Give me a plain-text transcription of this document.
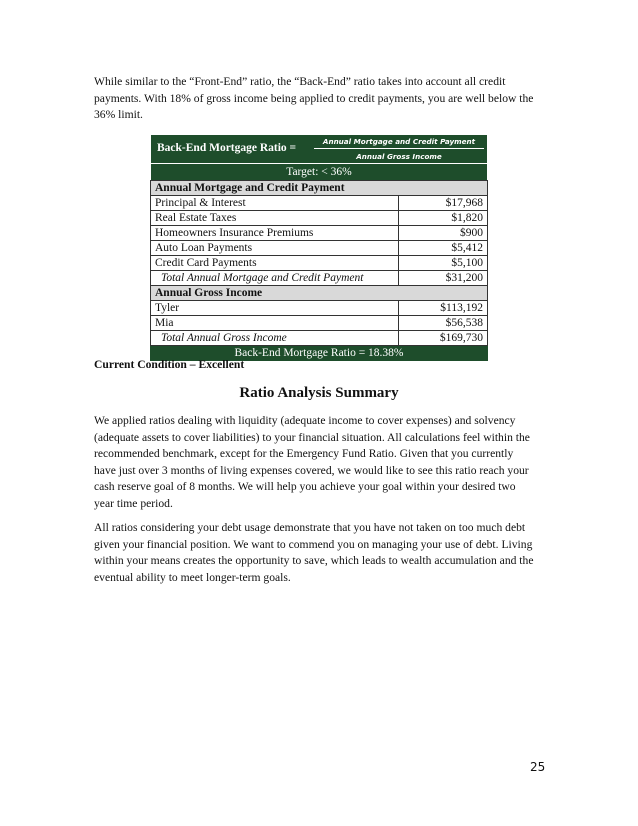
While similar to the “Front-End” ratio, the “Back-End” ratio takes into account all credit payments. With 18% of gross income being applied to credit payments, you are well below the 36% limit.

Back-End Mortgage Ratio =
Annual Mortgage and Credit Payment
Annual Gross Income
Target: < 36%
Annual Mortgage and Credit Payment	
Principal & Interest	$17,968
Real Estate Taxes	$1,820
Homeowners Insurance Premiums	$900
Auto Loan Payments	$5,412
Credit Card Payments	$5,100
Total Annual Mortgage and Credit Payment	$31,200
Annual Gross Income	
Tyler	$113,192
Mia	$56,538
Total Annual Gross Income	$169,730
Back-End Mortgage Ratio = 18.38%
Current Condition – Excellent
Ratio Analysis Summary

We applied ratios dealing with liquidity (adequate income to cover expenses) and solvency (adequate assets to cover liabilities) to your financial situation. All calculations feel within the recommended benchmark, except for the Emergency Fund Ratio. Given that you currently have just over 3 months of living expenses covered, we would like to see this ratio reach your cash reserve goal of 8 months. We will help you achieve your goal within your desired two year time period.

All ratios considering your debt usage demonstrate that you have not taken on too much debt given your financial position. We want to commend you on managing your use of debt. Living within your means creates the opportunity to save, which leads to wealth accumulation and the eventual ability to meet longer-term goals.

25
